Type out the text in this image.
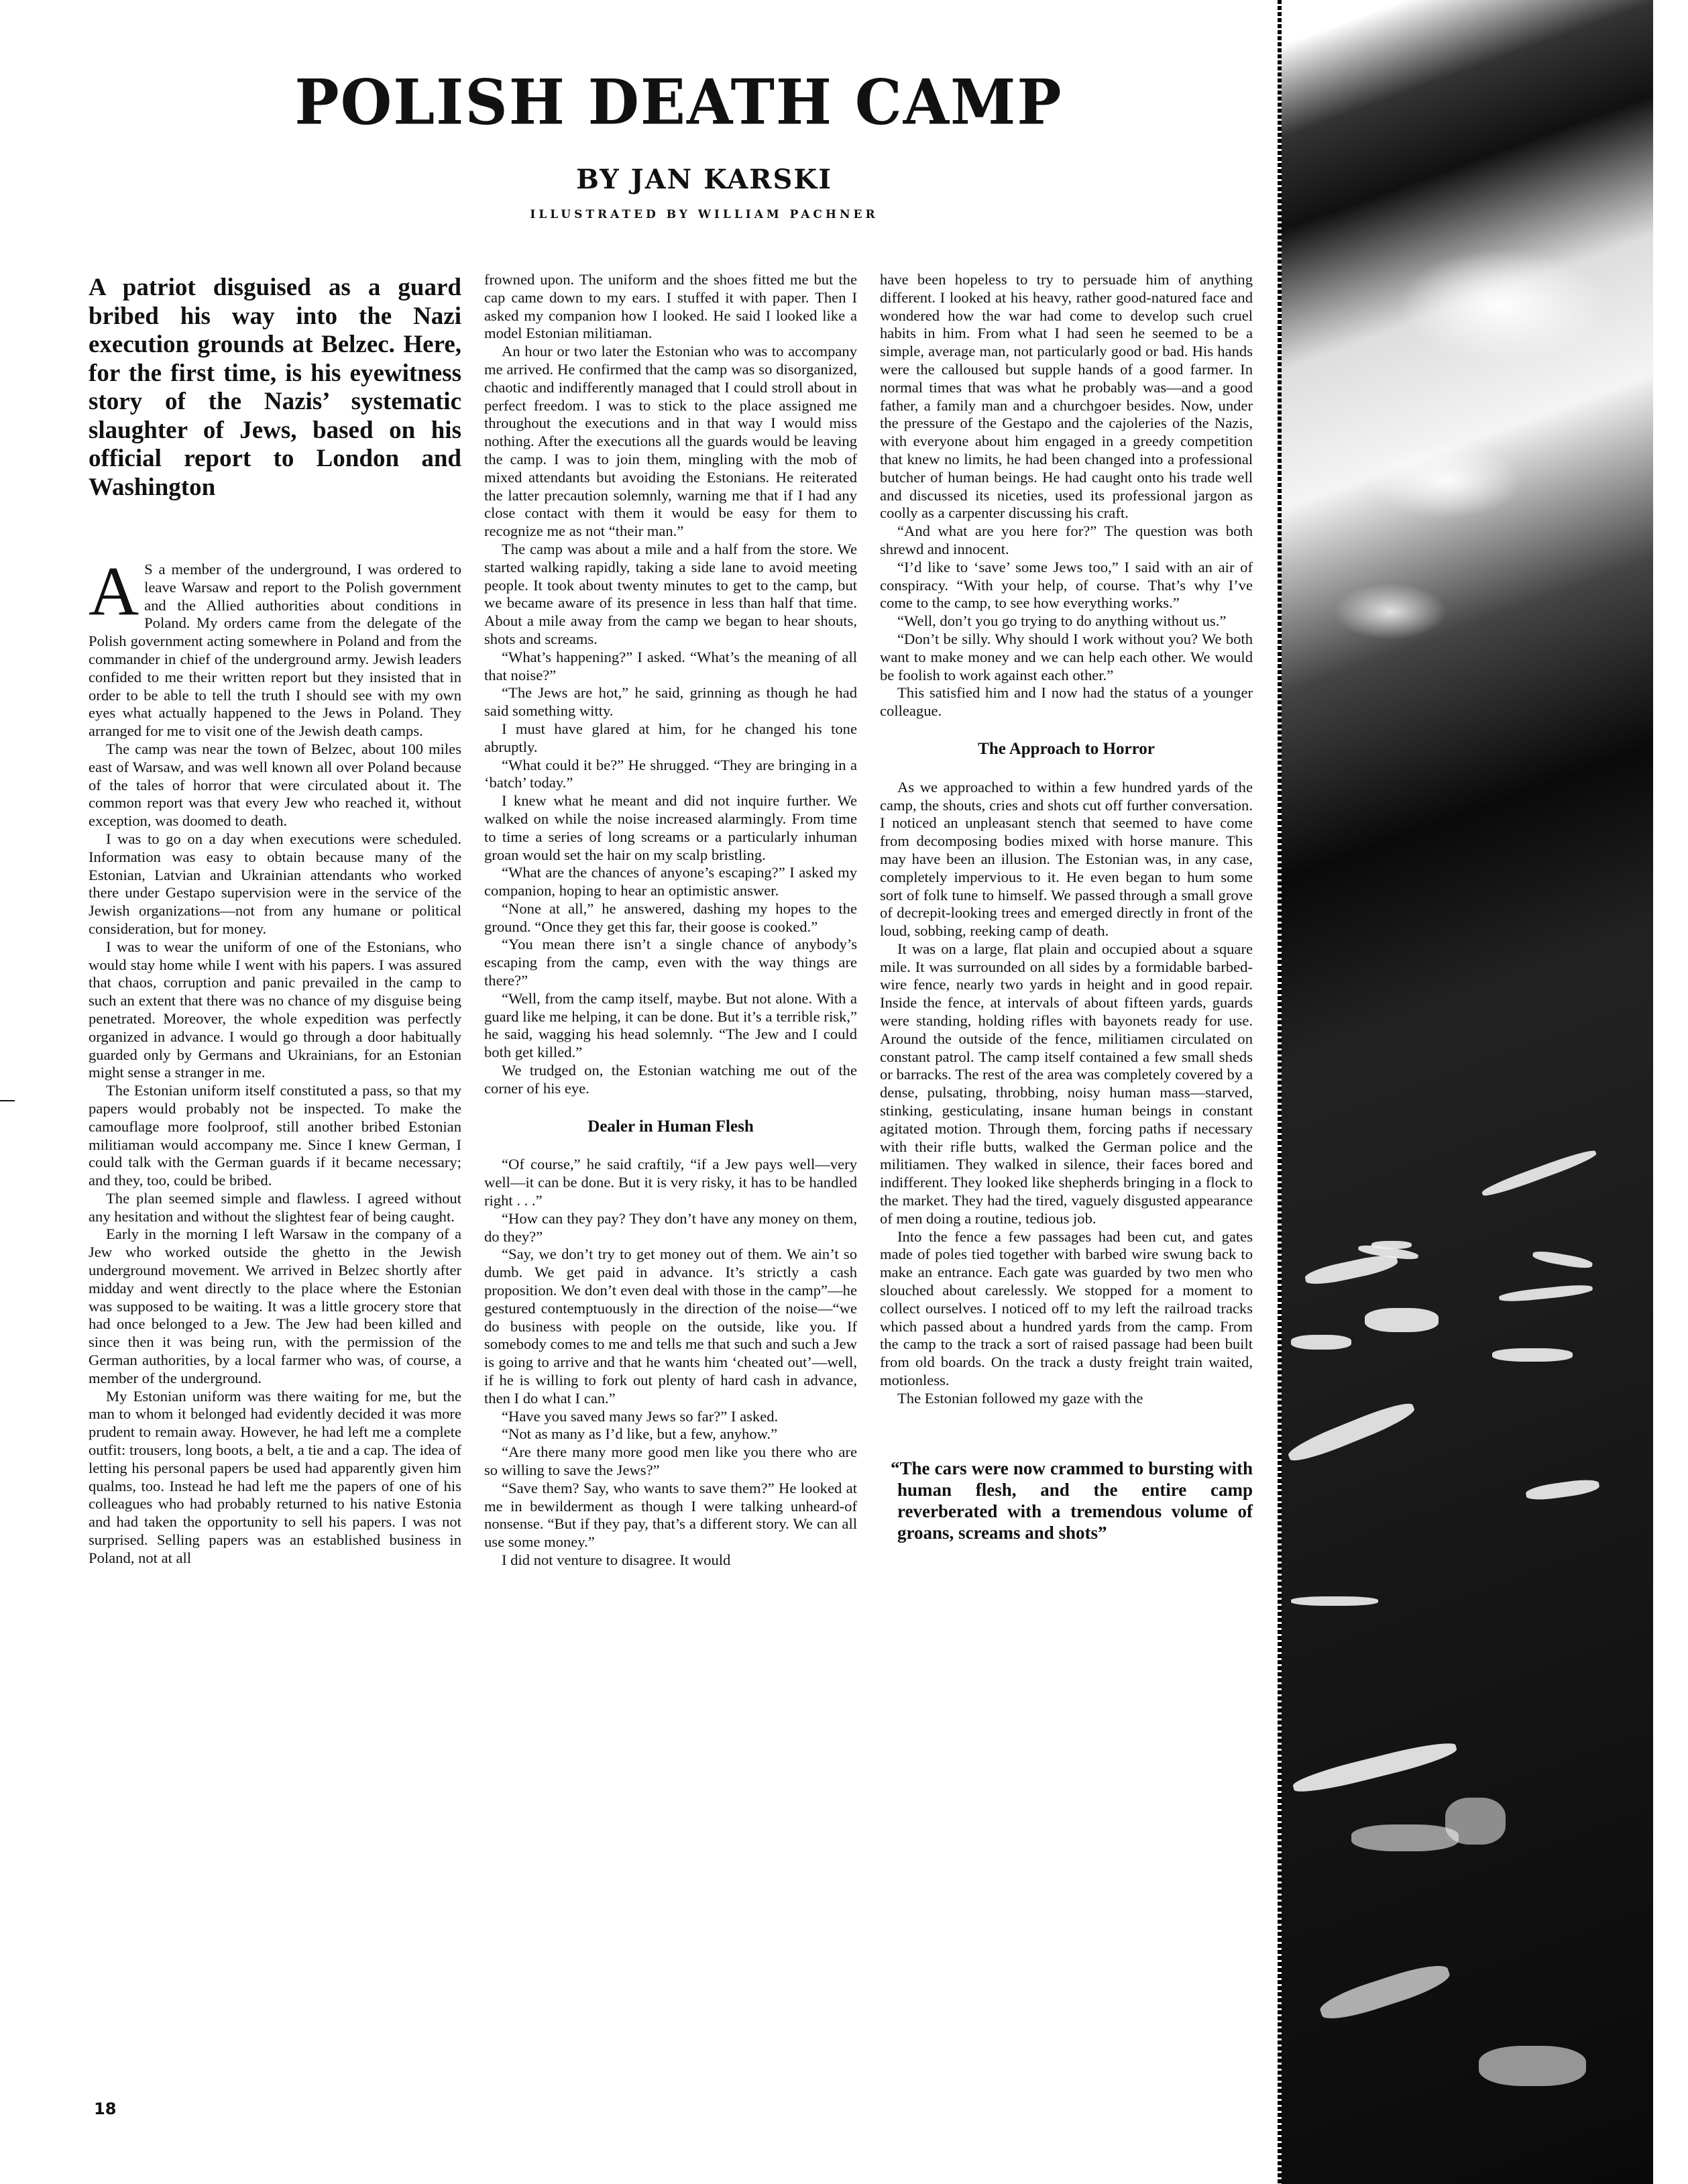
POLISH DEATH CAMP
BY JAN KARSKI
ILLUSTRATED BY WILLIAM PACHNER
A patriot disguised as a guard bribed his way into the Nazi execution grounds at Belzec. Here, for the first time, is his eyewitness story of the Nazis’ systematic slaughter of Jews, based on his official report to London and Washington

A S a member of the underground, I was ordered to leave Warsaw and report to the Polish government and the Allied authorities about conditions in Poland. My orders came from the delegate of the Polish government acting somewhere in Poland and from the commander in chief of the underground army. Jewish leaders confided to me their written report but they insisted that in order to be able to tell the truth I should see with my own eyes what actually happened to the Jews in Poland. They arranged for me to visit one of the Jewish death camps.

The camp was near the town of Belzec, about 100 miles east of Warsaw, and was well known all over Poland because of the tales of horror that were circulated about it. The common report was that every Jew who reached it, without exception, was doomed to death.

I was to go on a day when executions were scheduled. Information was easy to obtain because many of the Estonian, Latvian and Ukrainian attendants who worked there under Gestapo supervision were in the service of the Jewish organizations—not from any humane or political consideration, but for money.

I was to wear the uniform of one of the Estonians, who would stay home while I went with his papers. I was assured that chaos, corruption and panic prevailed in the camp to such an extent that there was no chance of my disguise being penetrated. Moreover, the whole expedition was perfectly organized in advance. I would go through a door habitually guarded only by Germans and Ukrainians, for an Estonian might sense a stranger in me.

The Estonian uniform itself constituted a pass, so that my papers would probably not be inspected. To make the camouflage more foolproof, still another bribed Estonian militiaman would accompany me. Since I knew German, I could talk with the German guards if it became necessary; and they, too, could be bribed.

The plan seemed simple and flawless. I agreed without any hesitation and without the slightest fear of being caught.

Early in the morning I left Warsaw in the company of a Jew who worked outside the ghetto in the Jewish underground movement. We arrived in Belzec shortly after midday and went directly to the place where the Estonian was supposed to be waiting. It was a little grocery store that had once belonged to a Jew. The Jew had been killed and since then it was being run, with the permission of the German authorities, by a local farmer who was, of course, a member of the underground.

My Estonian uniform was there waiting for me, but the man to whom it belonged had evidently decided it was more prudent to remain away. However, he had left me a complete outfit: trousers, long boots, a belt, a tie and a cap. The idea of letting his personal papers be used had apparently given him qualms, too. Instead he had left me the papers of one of his colleagues who had probably returned to his native Estonia and had taken the opportunity to sell his papers. I was not surprised. Selling papers was an established business in Poland, not at all

frowned upon. The uniform and the shoes fitted me but the cap came down to my ears. I stuffed it with paper. Then I asked my companion how I looked. He said I looked like a model Estonian militiaman.

An hour or two later the Estonian who was to accompany me arrived. He confirmed that the camp was so disorganized, chaotic and indifferently managed that I could stroll about in perfect freedom. I was to stick to the place assigned me throughout the executions and in that way I would miss nothing. After the executions all the guards would be leaving the camp. I was to join them, mingling with the mob of mixed attendants but avoiding the Estonians. He reiterated the latter precaution solemnly, warning me that if I had any close contact with them it would be easy for them to recognize me as not “their man.”

The camp was about a mile and a half from the store. We started walking rapidly, taking a side lane to avoid meeting people. It took about twenty minutes to get to the camp, but we became aware of its presence in less than half that time. About a mile away from the camp we began to hear shouts, shots and screams.

“What’s happening?” I asked. “What’s the meaning of all that noise?”

“The Jews are hot,” he said, grinning as though he had said something witty.

I must have glared at him, for he changed his tone abruptly.

“What could it be?” He shrugged. “They are bringing in a ‘batch’ today.”

I knew what he meant and did not inquire further. We walked on while the noise increased alarmingly. From time to time a series of long screams or a particularly inhuman groan would set the hair on my scalp bristling.

“What are the chances of anyone’s escaping?” I asked my companion, hoping to hear an optimistic answer.

“None at all,” he answered, dashing my hopes to the ground. “Once they get this far, their goose is cooked.”

“You mean there isn’t a single chance of anybody’s escaping from the camp, even with the way things are there?”

“Well, from the camp itself, maybe. But not alone. With a guard like me helping, it can be done. But it’s a terrible risk,” he said, wagging his head solemnly. “The Jew and I could both get killed.”

We trudged on, the Estonian watching me out of the corner of his eye.

Dealer in Human Flesh

“Of course,” he said craftily, “if a Jew pays well—very well—it can be done. But it is very risky, it has to be handled right . . .”

“How can they pay? They don’t have any money on them, do they?”

“Say, we don’t try to get money out of them. We ain’t so dumb. We get paid in advance. It’s strictly a cash proposition. We don’t even deal with those in the camp”—he gestured contemptuously in the direction of the noise—“we do business with people on the outside, like you. If somebody comes to me and tells me that such and such a Jew is going to arrive and that he wants him ‘cheated out’—well, if he is willing to fork out plenty of hard cash in advance, then I do what I can.”

“Have you saved many Jews so far?” I asked.

“Not as many as I’d like, but a few, anyhow.”

“Are there many more good men like you there who are so willing to save the Jews?”

“Save them? Say, who wants to save them?” He looked at me in bewilderment as though I were talking unheard-of nonsense. “But if they pay, that’s a different story. We can all use some money.”

I did not venture to disagree. It would

have been hopeless to try to persuade him of anything different. I looked at his heavy, rather good-natured face and wondered how the war had come to develop such cruel habits in him. From what I had seen he seemed to be a simple, average man, not particularly good or bad. His hands were the calloused but supple hands of a good farmer. In normal times that was what he probably was—and a good father, a family man and a churchgoer besides. Now, under the pressure of the Gestapo and the cajoleries of the Nazis, with everyone about him engaged in a greedy competition that knew no limits, he had been changed into a professional butcher of human beings. He had caught onto his trade well and discussed its niceties, used its professional jargon as coolly as a carpenter discussing his craft.

“And what are you here for?” The question was both shrewd and innocent.

“I’d like to ‘save’ some Jews too,” I said with an air of conspiracy. “With your help, of course. That’s why I’ve come to the camp, to see how everything works.”

“Well, don’t you go trying to do anything without us.”

“Don’t be silly. Why should I work without you? We both want to make money and we can help each other. We would be foolish to work against each other.”

This satisfied him and I now had the status of a younger colleague.

The Approach to Horror

As we approached to within a few hundred yards of the camp, the shouts, cries and shots cut off further conversation. I noticed an unpleasant stench that seemed to have come from decomposing bodies mixed with horse manure. This may have been an illusion. The Estonian was, in any case, completely impervious to it. He even began to hum some sort of folk tune to himself. We passed through a small grove of decrepit-looking trees and emerged directly in front of the loud, sobbing, reeking camp of death.

It was on a large, flat plain and occupied about a square mile. It was surrounded on all sides by a formidable barbed-wire fence, nearly two yards in height and in good repair. Inside the fence, at intervals of about fifteen yards, guards were standing, holding rifles with bayonets ready for use. Around the outside of the fence, militiamen circulated on constant patrol. The camp itself contained a few small sheds or barracks. The rest of the area was completely covered by a dense, pulsating, throbbing, noisy human mass—starved, stinking, gesticulating, insane human beings in constant agitated motion. Through them, forcing paths if necessary with their rifle butts, walked the German police and the militiamen. They walked in silence, their faces bored and indifferent. They looked like shepherds bringing in a flock to the market. They had the tired, vaguely disgusted appearance of men doing a routine, tedious job.

Into the fence a few passages had been cut, and gates made of poles tied together with barbed wire swung back to make an entrance. Each gate was guarded by two men who slouched about carelessly. We stopped for a moment to collect ourselves. I noticed off to my left the railroad tracks which passed about a hundred yards from the camp. From the camp to the track a sort of raised passage had been built from old boards. On the track a dusty freight train waited, motionless.

The Estonian followed my gaze with the

“The cars were now crammed to bursting with human flesh, and the entire camp reverberated with a tremendous volume of groans, screams and shots”
18
